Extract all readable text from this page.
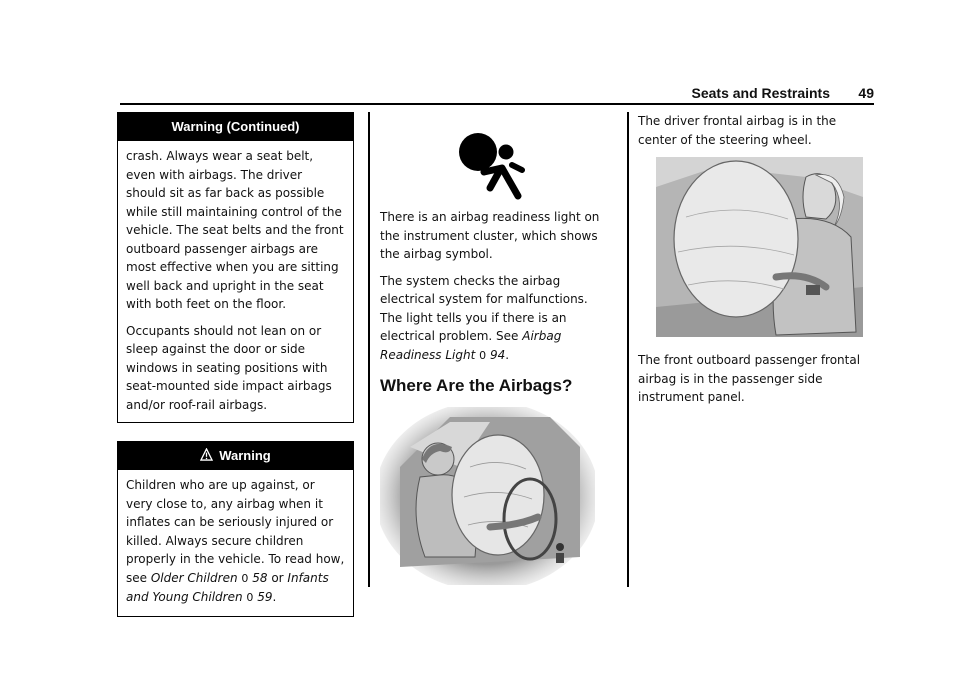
Seats and Restraints 49
Warning (Continued)

crash. Always wear a seat belt, even with airbags. The driver should sit as far back as possible while still maintaining control of the vehicle. The seat belts and the front outboard passenger airbags are most effective when you are sitting well back and upright in the seat with both feet on the floor.

Occupants should not lean on or sleep against the door or side windows in seating positions with seat-mounted side impact airbags and/or roof-rail airbags.

Warning

Children who are up against, or very close to, any airbag when it inflates can be seriously injured or killed. Always secure children properly in the vehicle. To read how, see Older Children 0 58 or Infants and Young Children 0 59.

There is an airbag readiness light on the instrument cluster, which shows the airbag symbol.

The system checks the airbag electrical system for malfunctions. The light tells you if there is an electrical problem. See Airbag Readiness Light 0 94.

Where Are the Airbags?

The driver frontal airbag is in the center of the steering wheel.

The front outboard passenger frontal airbag is in the passenger side instrument panel.
